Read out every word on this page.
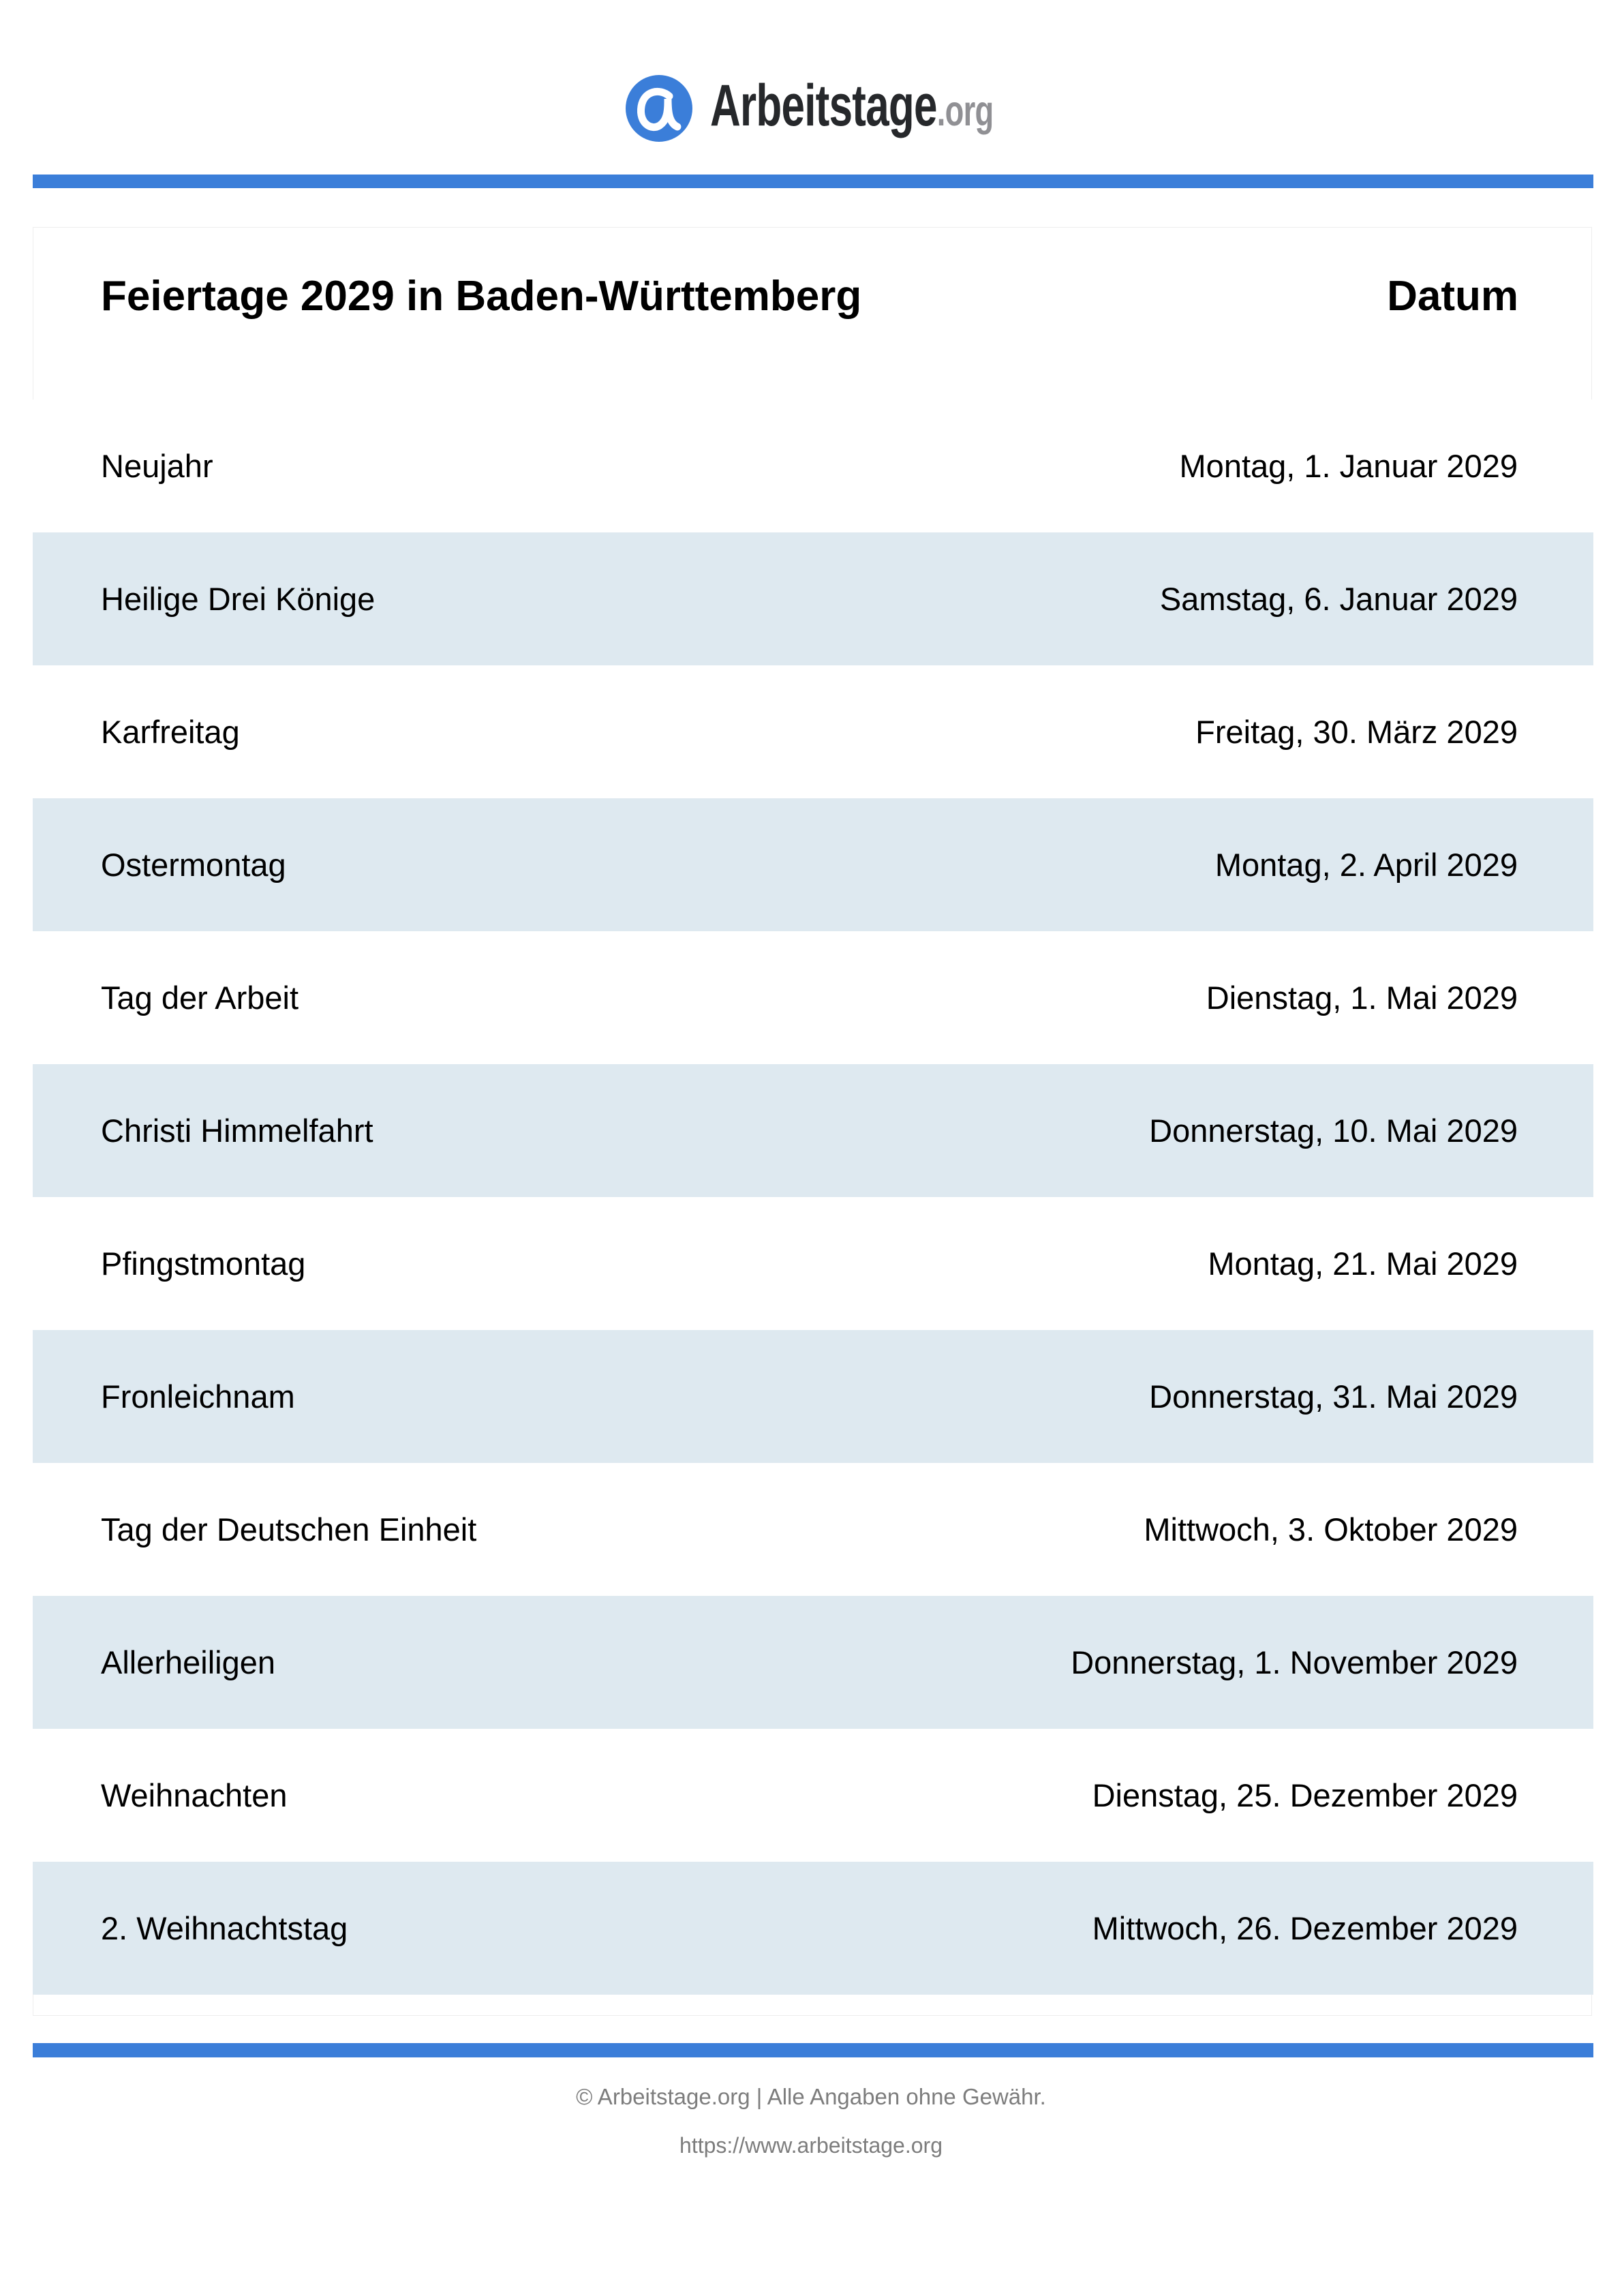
Arbeitstage.org
Feiertage 2029 in Baden-Württemberg	Datum
Neujahr	Montag, 1. Januar 2029
Heilige Drei Könige	Samstag, 6. Januar 2029
Karfreitag	Freitag, 30. März 2029
Ostermontag	Montag, 2. April 2029
Tag der Arbeit	Dienstag, 1. Mai 2029
Christi Himmelfahrt	Donnerstag, 10. Mai 2029
Pfingstmontag	Montag, 21. Mai 2029
Fronleichnam	Donnerstag, 31. Mai 2029
Tag der Deutschen Einheit	Mittwoch, 3. Oktober 2029
Allerheiligen	Donnerstag, 1. November 2029
Weihnachten	Dienstag, 25. Dezember 2029
2. Weihnachtstag	Mittwoch, 26. Dezember 2029
© Arbeitstage.org | Alle Angaben ohne Gewähr.
https://www.arbeitstage.org
